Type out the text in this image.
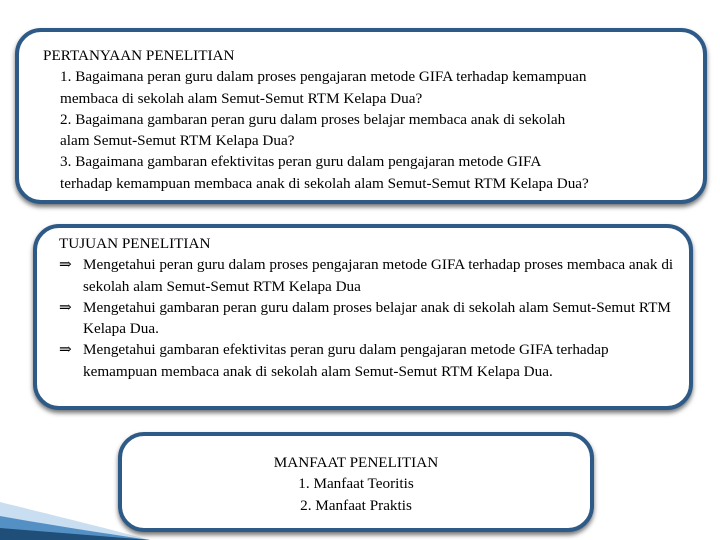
PERTANYAAN PENELITIAN
1. Bagaimana peran guru dalam proses pengajaran metode GIFA terhadap kemampuan
membaca di sekolah alam Semut-Semut RTM Kelapa Dua?
2. Bagaimana gambaran peran guru dalam proses belajar membaca anak di sekolah
alam Semut-Semut RTM Kelapa Dua?
3. Bagaimana gambaran efektivitas peran guru dalam pengajaran metode GIFA
terhadap kemampuan membaca anak di sekolah alam Semut-Semut RTM Kelapa Dua?
TUJUAN PENELITIAN
⇒ Mengetahui peran guru dalam proses pengajaran metode GIFA terhadap proses membaca anak di sekolah alam Semut-Semut RTM Kelapa Dua
⇒ Mengetahui gambaran peran guru dalam proses belajar anak di sekolah alam Semut-Semut RTM Kelapa Dua.
⇒ Mengetahui gambaran efektivitas peran guru dalam pengajaran metode GIFA terhadap kemampuan membaca anak di sekolah alam Semut-Semut RTM Kelapa Dua.
MANFAAT PENELITIAN
1. Manfaat Teoritis
2. Manfaat Praktis
